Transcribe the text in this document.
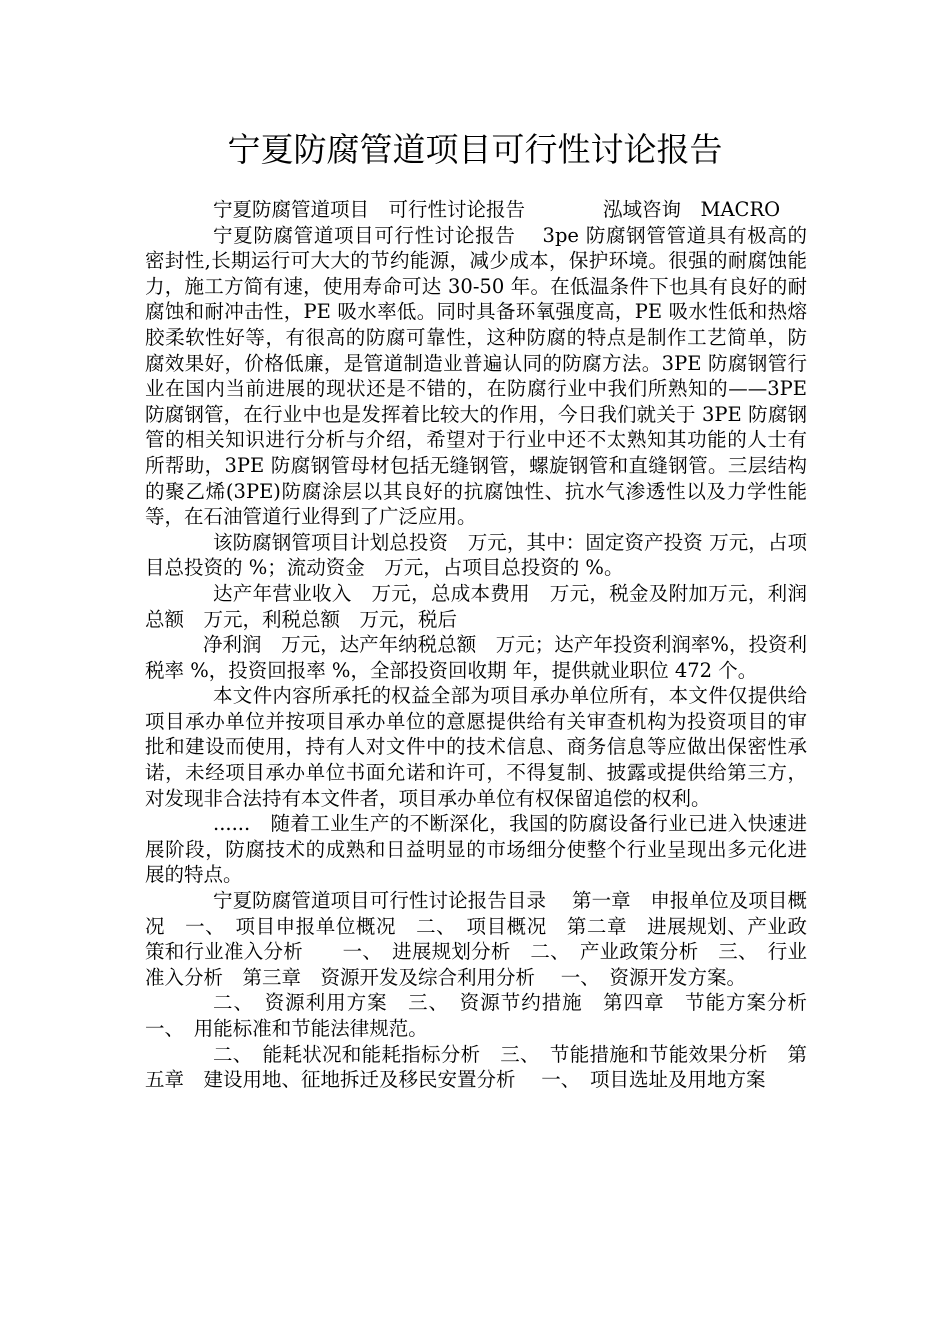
宁夏防腐管道项目可行性讨论报告

宁夏防腐管道项目　可行性讨论报告　　　　泓域咨询　MACRO

宁夏防腐管道项目可行性讨论报告　 3pe 防腐钢管管道具有极高的密封性,长期运行可大大的节约能源，减少成本，保护环境。很强的耐腐蚀能力，施工方简有速，使用寿命可达 30-50 年。在低温条件下也具有良好的耐腐蚀和耐冲击性，PE 吸水率低。同时具备环氧强度高，PE 吸水性低和热熔胶柔软性好等，有很高的防腐可靠性，这种防腐的特点是制作工艺简单，防腐效果好，价格低廉，是管道制造业普遍认同的防腐方法。3PE 防腐钢管行业在国内当前进展的现状还是不错的，在防腐行业中我们所熟知的——3PE 防腐钢管，在行业中也是发挥着比较大的作用，今日我们就关于 3PE 防腐钢管的相关知识进行分析与介绍，希望对于行业中还不太熟知其功能的人士有所帮助，3PE 防腐钢管母材包括无缝钢管，螺旋钢管和直缝钢管。三层结构的聚乙烯(3PE)防腐涂层以其良好的抗腐蚀性、抗水气渗透性以及力学性能等，在石油管道行业得到了广泛应用。

该防腐钢管项目计划总投资　万元，其中：固定资产投资 万元，占项目总投资的 %；流动资金　万元，占项目总投资的 %。

达产年营业收入　万元，总成本费用　万元，税金及附加万元，利润总额　万元，利税总额　万元，税后

净利润　万元，达产年纳税总额　万元；达产年投资利润率%，投资利税率 %，投资回报率 %，全部投资回收期 年，提供就业职位 472 个。

本文件内容所承托的权益全部为项目承办单位所有，本文件仅提供给项目承办单位并按项目承办单位的意愿提供给有关审查机构为投资项目的审批和建设而使用，持有人对文件中的技术信息、商务信息等应做出保密性承诺，未经项目承办单位书面允诺和许可，不得复制、披露或提供给第三方，对发现非合法持有本文件者，项目承办单位有权保留追偿的权利。

......　随着工业生产的不断深化，我国的防腐设备行业已进入快速进展阶段，防腐技术的成熟和日益明显的市场细分使整个行业呈现出多元化进展的特点。

宁夏防腐管道项目可行性讨论报告目录　 第一章　申报单位及项目概况　一、　项目申报单位概况　二、　项目概况　第二章　进展规划、产业政策和行业准入分析　　一、　进展规划分析　二、　产业政策分析　三、　行业准入分析　第三章　资源开发及综合利用分析　 一、　资源开发方案。

二、　资源利用方案　三、　资源节约措施　第四章　节能方案分析　 一、　用能标准和节能法律规范。

二、　能耗状况和能耗指标分析　三、　节能措施和节能效果分析　第五章　建设用地、征地拆迁及移民安置分析　 一、　项目选址及用地方案
